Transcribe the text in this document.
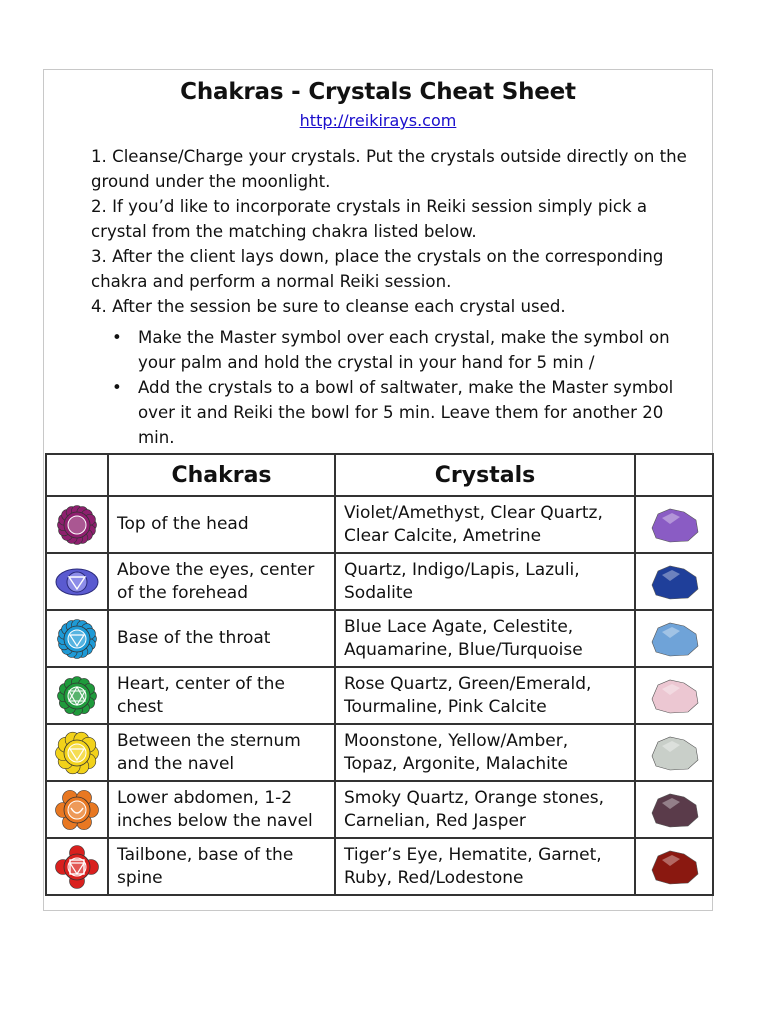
Chakras - Crystals Cheat Sheet
http://reikirays.com

1. Cleanse/Charge your crystals. Put the crystals outside directly on the ground under the moonlight.

2. If you’d like to incorporate crystals in Reiki session simply pick a crystal from the matching chakra listed below.

3. After the client lays down, place the crystals on the corresponding chakra and perform a normal Reiki session.

4. After the session be sure to cleanse each crystal used.

• Make the Master symbol over each crystal, make the symbol on your palm and hold the crystal in your hand for 5 min /

• Add the crystals to a bowl of saltwater, make the Master symbol over it and Reiki the bowl for 5 min. Leave them for another 20 min.

	Chakras	Crystals	

	Top of the head	Violet/Amethyst, Clear Quartz, Clear Calcite, Ametrine	

	Above the eyes, center of the forehead	Quartz, Indigo/Lapis, Lazuli, Sodalite	

	Base of the throat	Blue Lace Agate, Celestite, Aquamarine, Blue/Turquoise	

	Heart, center of the chest	Rose Quartz, Green/Emerald, Tourmaline, Pink Calcite	

	Between the sternum and the navel	Moonstone, Yellow/Amber, Topaz, Argonite, Malachite	

	Lower abdomen, 1-2 inches below the navel	Smoky Quartz, Orange stones, Carnelian, Red Jasper	

	Tailbone, base of the spine	Tiger’s Eye, Hematite, Garnet, Ruby, Red/Lodestone	
